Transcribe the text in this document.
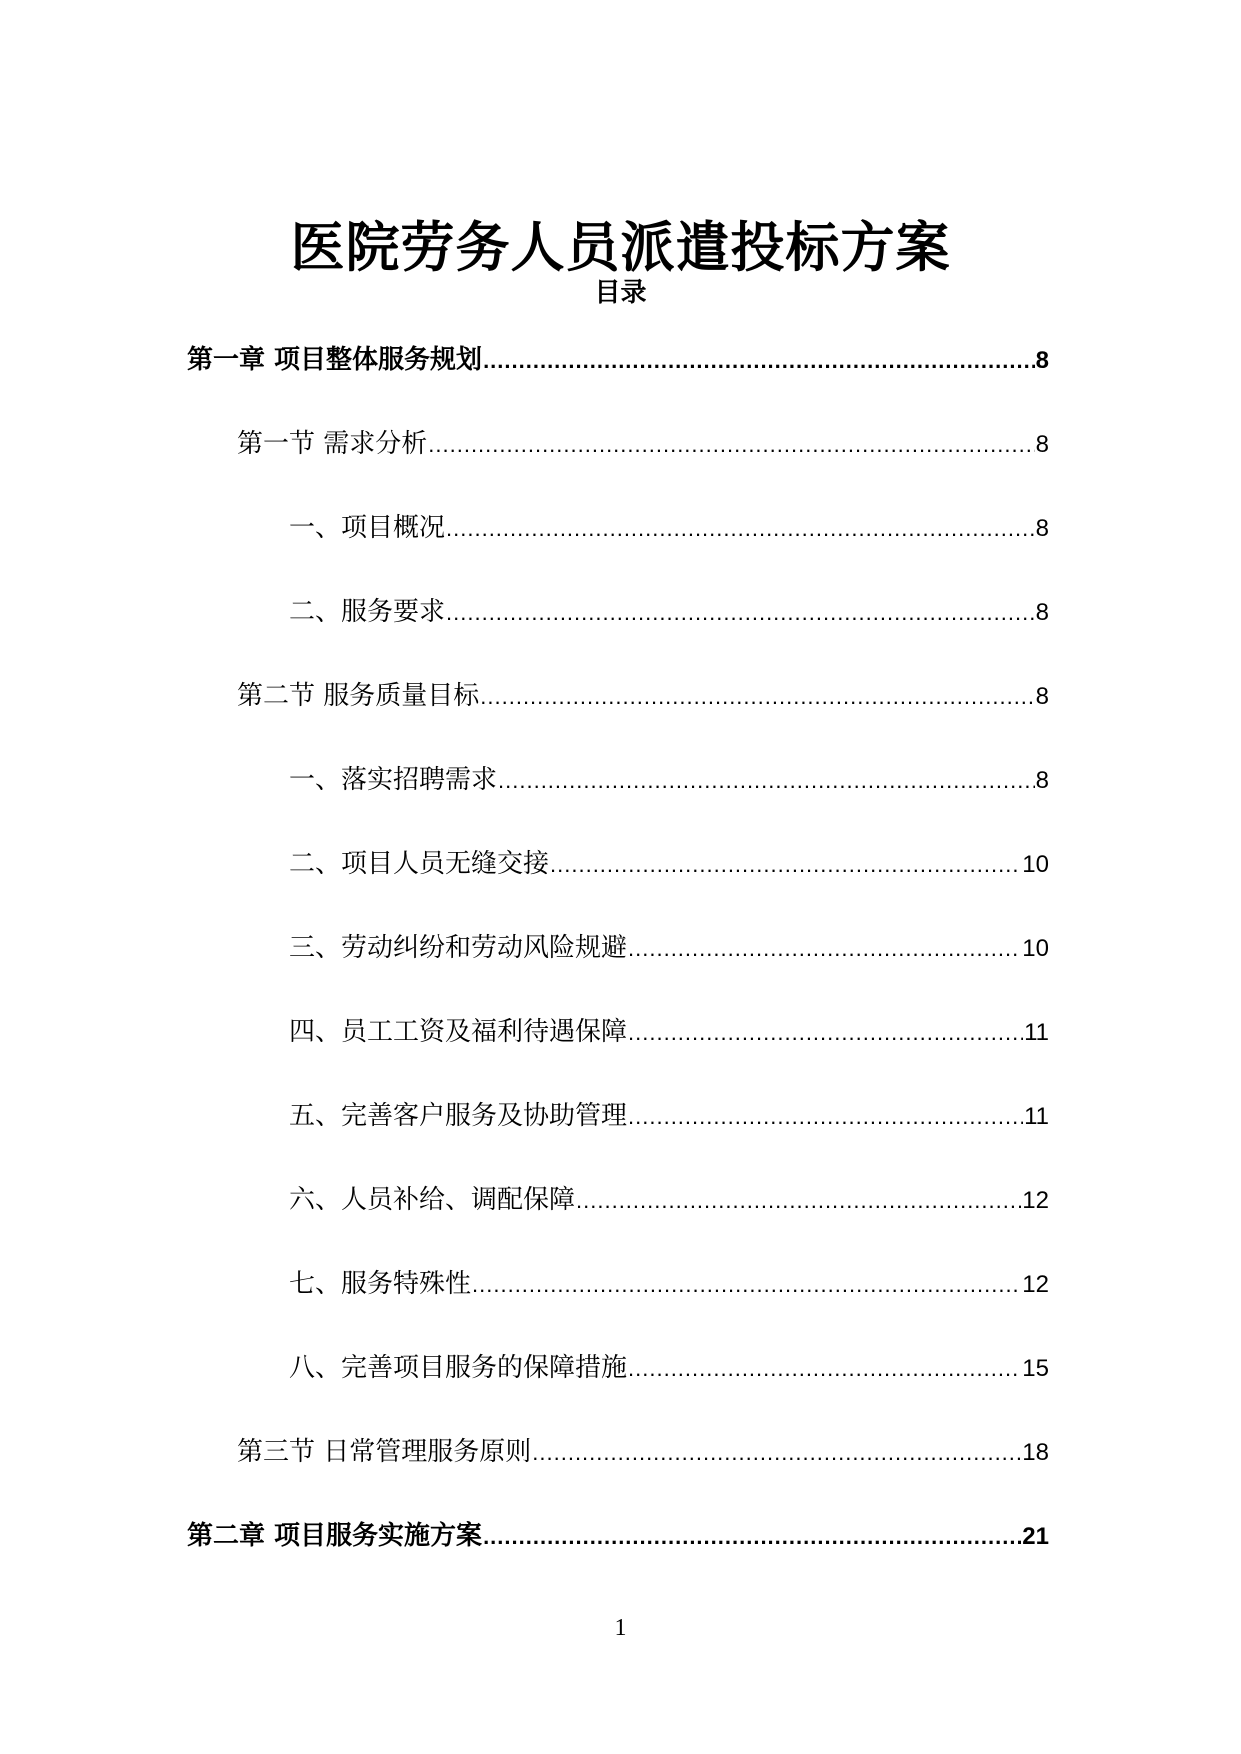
医院劳务人员派遣投标方案
目录
第一章 项目整体服务规划 .....	8
第一节 需求分析 .....	8
一、项目概况 .....	8
二、服务要求 .....	8
第二节 服务质量目标 .....	8
一、落实招聘需求 .....	8
二、项目人员无缝交接 .....	10
三、劳动纠纷和劳动风险规避 .....	10
四、员工工资及福利待遇保障 .....	11
五、完善客户服务及协助管理 .....	11
六、人员补给、调配保障 .....	12
七、服务特殊性 .....	12
八、完善项目服务的保障措施 .....	15
第三节 日常管理服务原则 .....	18
第二章 项目服务实施方案 .....	21
1
